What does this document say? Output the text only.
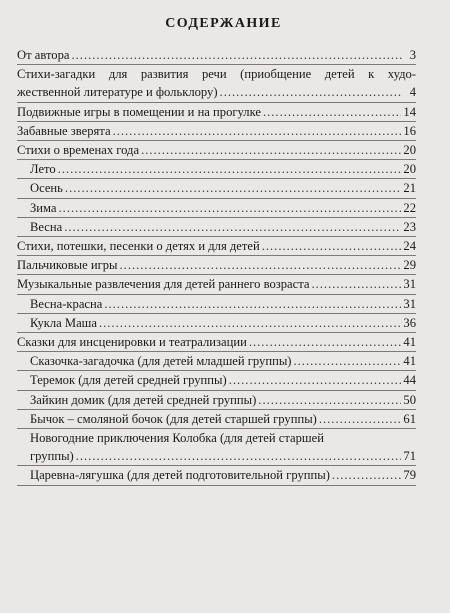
СОДЕРЖАНИЕ
От автора .....	3
Стихи-загадки для развития речи (приобщение детей к худо-
жественной литературе и фольклору) .....	4
Подвижные игры в помещении и на прогулке .....	14
Забавные зверята .....	16
Стихи о временах года .....	20
Лето .....	20
Осень .....	21
Зима .....	22
Весна .....	23
Стихи, потешки, песенки о детях и для детей .....	24
Пальчиковые игры .....	29
Музыкальные развлечения для детей раннего возраста .....	31
Весна-красна .....	31
Кукла Маша .....	36
Сказки для инсценировки и театрализации .....	41
Сказочка-загадочка (для детей младшей группы) .....	41
Теремок (для детей средней группы) .....	44
Зайкин домик (для детей средней группы) .....	50
Бычок – смоляной бочок (для детей старшей группы) .....	61
Новогодние приключения Колобка (для детей старшей
группы) .....	71
Царевна-лягушка (для детей подготовительной группы) .....	79
